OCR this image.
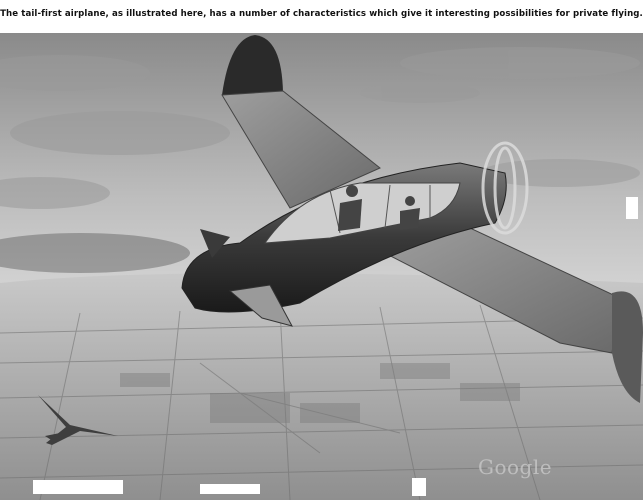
The tail-first airplane, as illustrated here, has a number of characteristics which give it interesting possibilities for private flying.
Google
